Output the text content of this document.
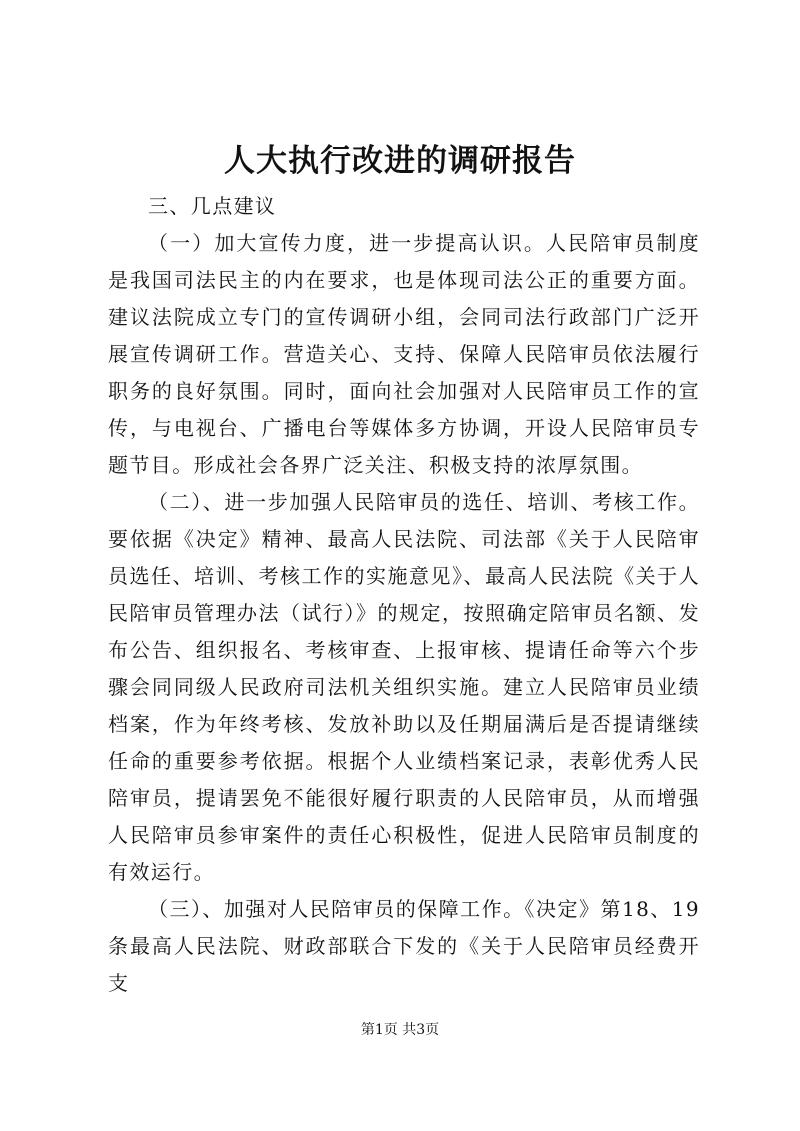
人大执行改进的调研报告

三、几点建议

（一）加大宣传力度，进一步提高认识。人民陪审员制度是我国司法民主的内在要求，也是体现司法公正的重要方面。建议法院成立专门的宣传调研小组，会同司法行政部门广泛开展宣传调研工作。营造关心、支持、保障人民陪审员依法履行职务的良好氛围。同时，面向社会加强对人民陪审员工作的宣传，与电视台、广播电台等媒体多方协调，开设人民陪审员专题节目。形成社会各界广泛关注、积极支持的浓厚氛围。

（二）、进一步加强人民陪审员的选任、培训、考核工作。要依据《决定》精神、最高人民法院、司法部《关于人民陪审员选任、培训、考核工作的实施意见》、最高人民法院《关于人民陪审员管理办法（试行）》的规定，按照确定陪审员名额、发布公告、组织报名、考核审查、上报审核、提请任命等六个步骤会同同级人民政府司法机关组织实施。建立人民陪审员业绩档案，作为年终考核、发放补助以及任期届满后是否提请继续任命的重要参考依据。根据个人业绩档案记录，表彰优秀人民陪审员，提请罢免不能很好履行职责的人民陪审员，从而增强人民陪审员参审案件的责任心积极性，促进人民陪审员制度的有效运行。

（三）、加强对人民陪审员的保障工作。《决定》第18、19条最高人民法院、财政部联合下发的《关于人民陪审员经费开支

第1页 共3页
